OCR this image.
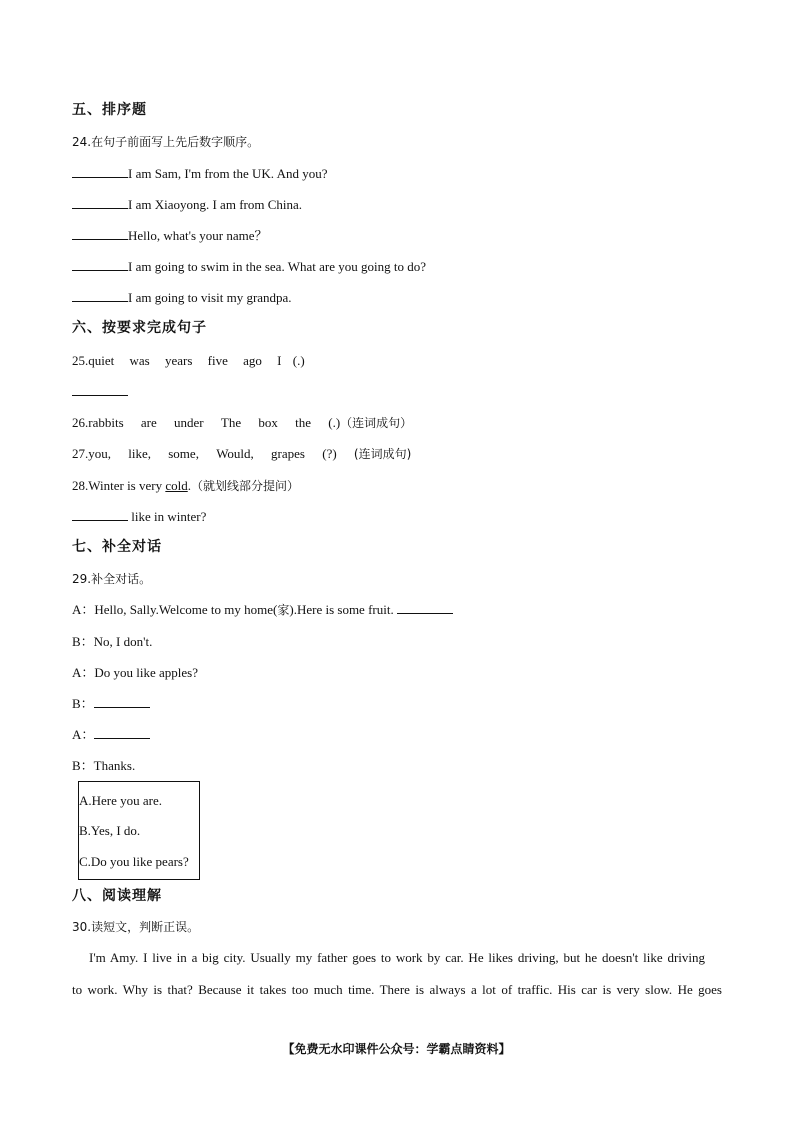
五、排序题
24.在句子前面写上先后数字顺序。
I am Sam, I'm from the UK. And you?
I am Xiaoyong. I am from China.
Hello, what's your name？
I am going to swim in the sea. What are you going to do?
I am going to visit my grandpa.
六、按要求完成句子
25.quiet was years five ago I (.)
26.rabbits are under The box the (.)（连词成句）
27.you, like, some, Would, grapes (?) (连词成句)
28.Winter is very cold.（就划线部分提问）
like in winter?
七、补全对话
29.补全对话。
A：Hello, Sally.Welcome to my home(家).Here is some fruit.
B：No, I don't.
A：Do you like apples?
B：
A：
B：Thanks.
A.Here you are.
B.Yes, I do.
C.Do you like pears?
八、阅读理解
30.读短文，判断正误。
I'm Amy. I live in a big city. Usually my father goes to work by car. He likes driving, but he doesn't like driving
to work. Why is that? Because it takes too much time. There is always a lot of traffic. His car is very slow. He goes
【免费无水印课件公众号：学霸点睛资料】
